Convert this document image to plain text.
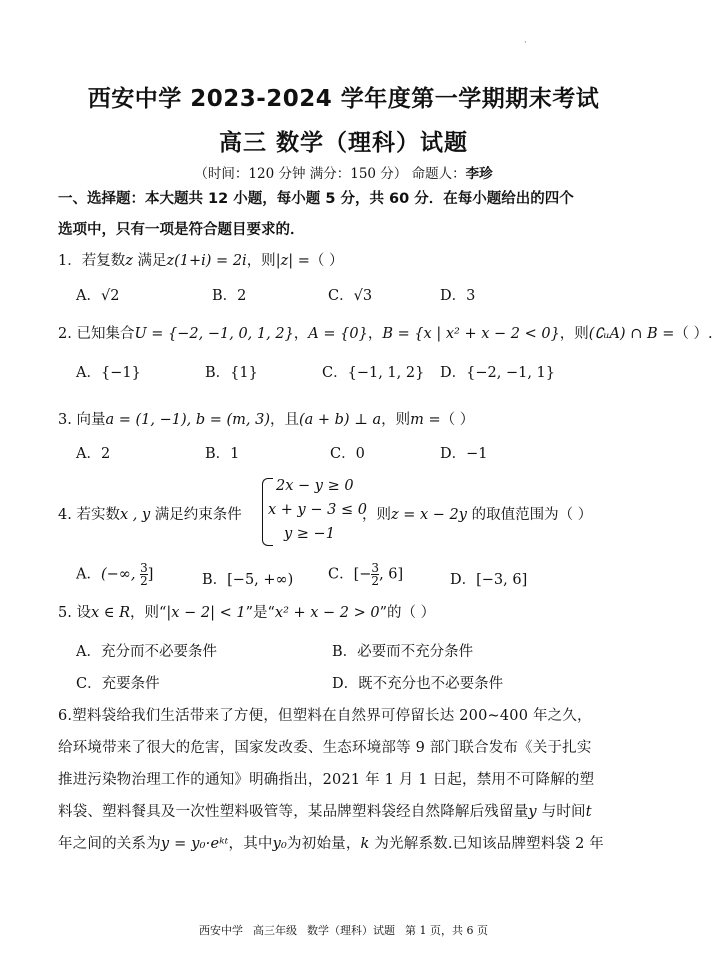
·
西安中学 2023-2024 学年度第一学期期末考试
高三 数学（理科）试题
（时间：120 分钟 满分：150 分） 命题人：李珍
一、选择题：本大题共 12 小题，每小题 5 分，共 60 分．在每小题给出的四个
选项中，只有一项是符合题目要求的．
1．若复数z 满足z(1+i) = 2i，则|z| =（ ）
A．√2	B．2	C．√3	D．3
2. 已知集合U = {−2, −1, 0, 1, 2}，A = {0}，B = {x | x² + x − 2 < 0}，则(∁ᵤA) ∩ B =（ ）.
A．{−1}	B．{1}	C．{−1, 1, 2} D．{−2, −1, 1}
3. 向量a = (1, −1), b = (m, 3)，且(a + b) ⊥ a，则m =（ ）
A．2	B．1	C．0	D．−1
4. 若实数x , y 满足约束条件
2x − y ≥ 0
x + y − 3 ≤ 0
y ≥ −1
，则z = x − 2y 的取值范围为（ ）
A．(−∞, $\frac{3}{2}$]	B．[−5, +∞) C．[− $\frac{3}{2}$, 6]	D．[−3, 6]
5. 设x ∈ R，则“|x − 2| < 1”是“x² + x − 2 > 0”的（ ）
A．充分而不必要条件	B．必要而不充分条件
C．充要条件	D．既不充分也不必要条件
6.塑料袋给我们生活带来了方便，但塑料在自然界可停留长达 200~400 年之久，
给环境带来了很大的危害，国家发改委、生态环境部等 9 部门联合发布《关于扎实
推进污染物治理工作的通知》明确指出，2021 年 1 月 1 日起，禁用不可降解的塑
料袋、塑料餐具及一次性塑料吸管等，某品牌塑料袋经自然降解后残留量y 与时间t
年之间的关系为y = y₀·eᵏᵗ，其中y₀为初始量，k 为光解系数.已知该品牌塑料袋 2 年
西安中学 高三年级 数学（理科）试题 第 1 页，共 6 页
